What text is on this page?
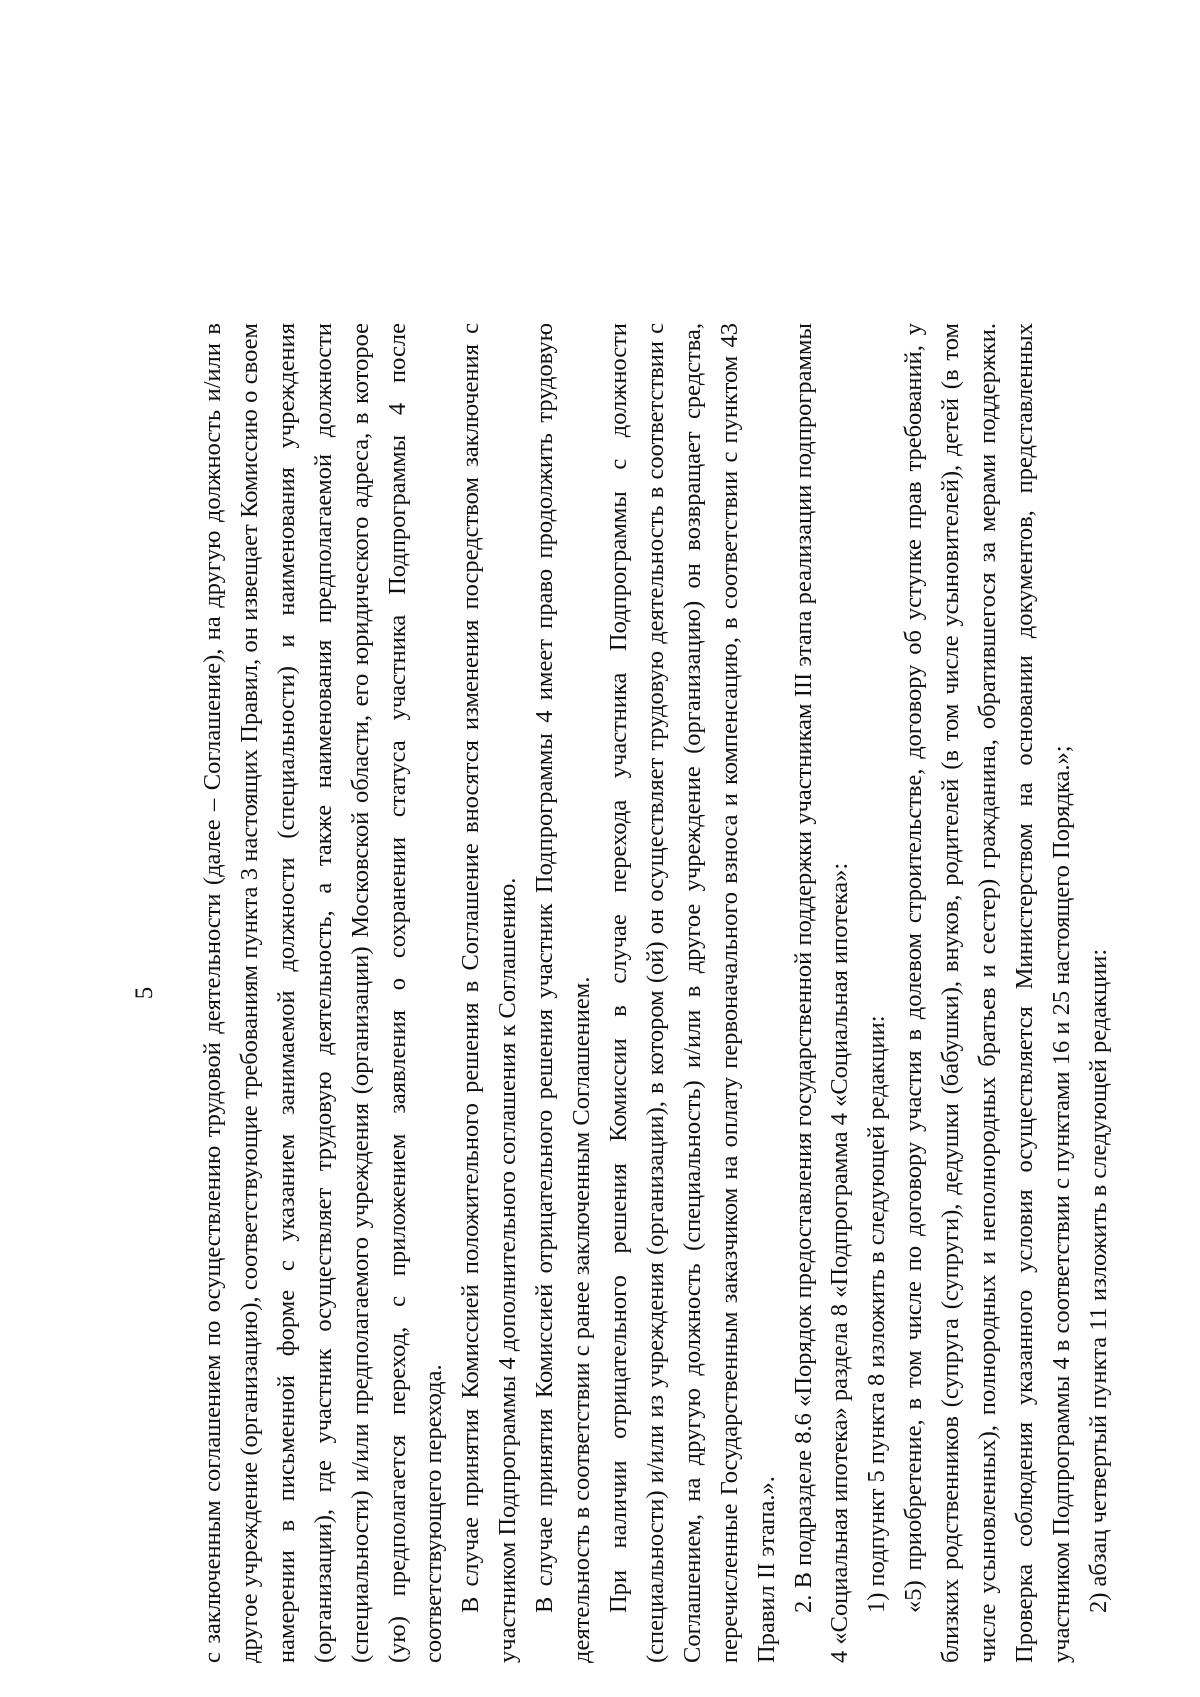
5 с заключенным соглашением по осуществлению трудовой деятельности (далее – Соглашение), на другую должность и/или в другое учреждение (организацию), соответствующие требованиям пункта 3 настоящих Правил, он извещает Комиссию о своем намерении в письменной форме с указанием занимаемой должности (специальности) и наименования учреждения (организации), где участник осуществляет трудовую деятельность, а также наименования предполагаемой должности (специальности) и/или предполагаемого учреждения (организации) Московской области, его юридического адреса, в которое (ую) предполагается переход, с приложением заявления о сохранении статуса участника Подпрограммы 4 после соответствующего перехода. В случае принятия Комиссией положительного решения в Соглашение вносятся изменения посредством заключения с участником Подпрограммы 4 дополнительного соглашения к Соглашению. В случае принятия Комиссией отрицательного решения участник Подпрограммы 4 имеет право продолжить трудовую деятельность в соответствии с ранее заключенным Соглашением. При наличии отрицательного решения Комиссии в случае перехода участника Подпрограммы с должности (специальности) и/или из учреждения (организации), в котором (ой) он осуществляет трудовую деятельность в соответствии с Соглашением, на другую должность (специальность) и/или в другое учреждение (организацию) он возвращает средства, перечисленные Государственным заказчиком на оплату первоначального взноса и компенсацию, в соответствии с пунктом 43 Правил II этапа.». 2. В подразделе 8.6 «Порядок предоставления государственной поддержки участникам III этапа реализации подпрограммы 4 «Социальная ипотека» раздела 8 «Подпрограмма 4 «Социальная ипотека»: 1) подпункт 5 пункта 8 изложить в следующей редакции: «5) приобретение, в том числе по договору участия в долевом строительстве, договору об уступке прав требований, у близких родственников (супруга (супруги), дедушки (бабушки), внуков, родителей (в том числе усыновителей), детей (в том числе усыновленных), полнородных и неполнородных братьев и сестер) гражданина, обратившегося за мерами поддержки. Проверка соблюдения указанного условия осуществляется Министерством на основании документов, представленных участником Подпрограммы 4 в соответствии с пунктами 16 и 25 настоящего Порядка.»; 2) абзац четвертый пункта 11 изложить в следующей редакции:
